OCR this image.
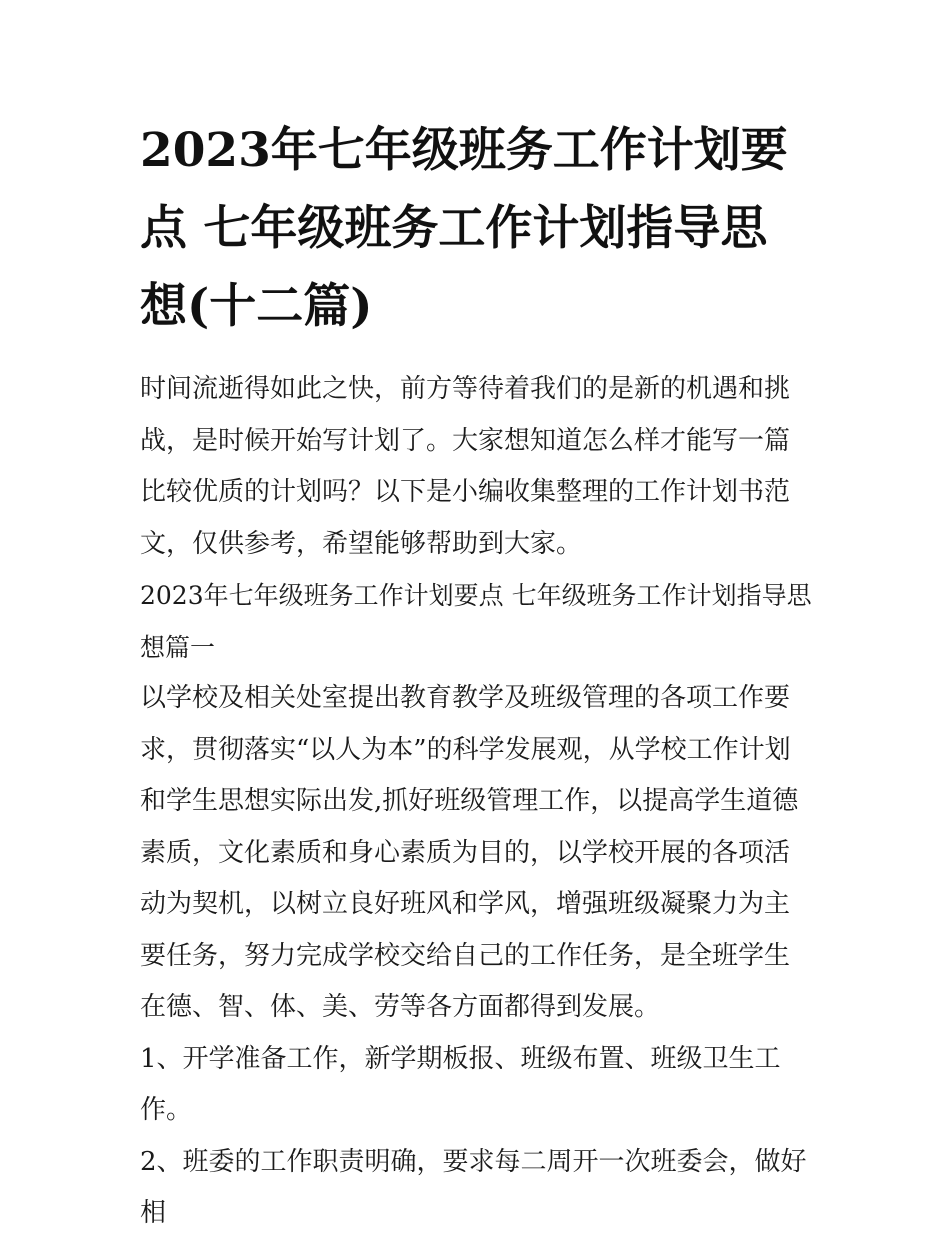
2023年七年级班务工作计划要点 七年级班务工作计划指导思想(十二篇)

时间流逝得如此之快，前方等待着我们的是新的机遇和挑战，是时候开始写计划了。大家想知道怎么样才能写一篇比较优质的计划吗？以下是小编收集整理的工作计划书范文，仅供参考，希望能够帮助到大家。

2023年七年级班务工作计划要点 七年级班务工作计划指导思想篇一

以学校及相关处室提出教育教学及班级管理的各项工作要求，贯彻落实“以人为本”的科学发展观，从学校工作计划和学生思想实际出发,抓好班级管理工作，以提高学生道德素质，文化素质和身心素质为目的，以学校开展的各项活动为契机，以树立良好班风和学风，增强班级凝聚力为主要任务，努力完成学校交给自己的工作任务，是全班学生在德、智、体、美、劳等各方面都得到发展。

1、开学准备工作，新学期板报、班级布置、班级卫生工作。

2、班委的工作职责明确，要求每二周开一次班委会，做好相
